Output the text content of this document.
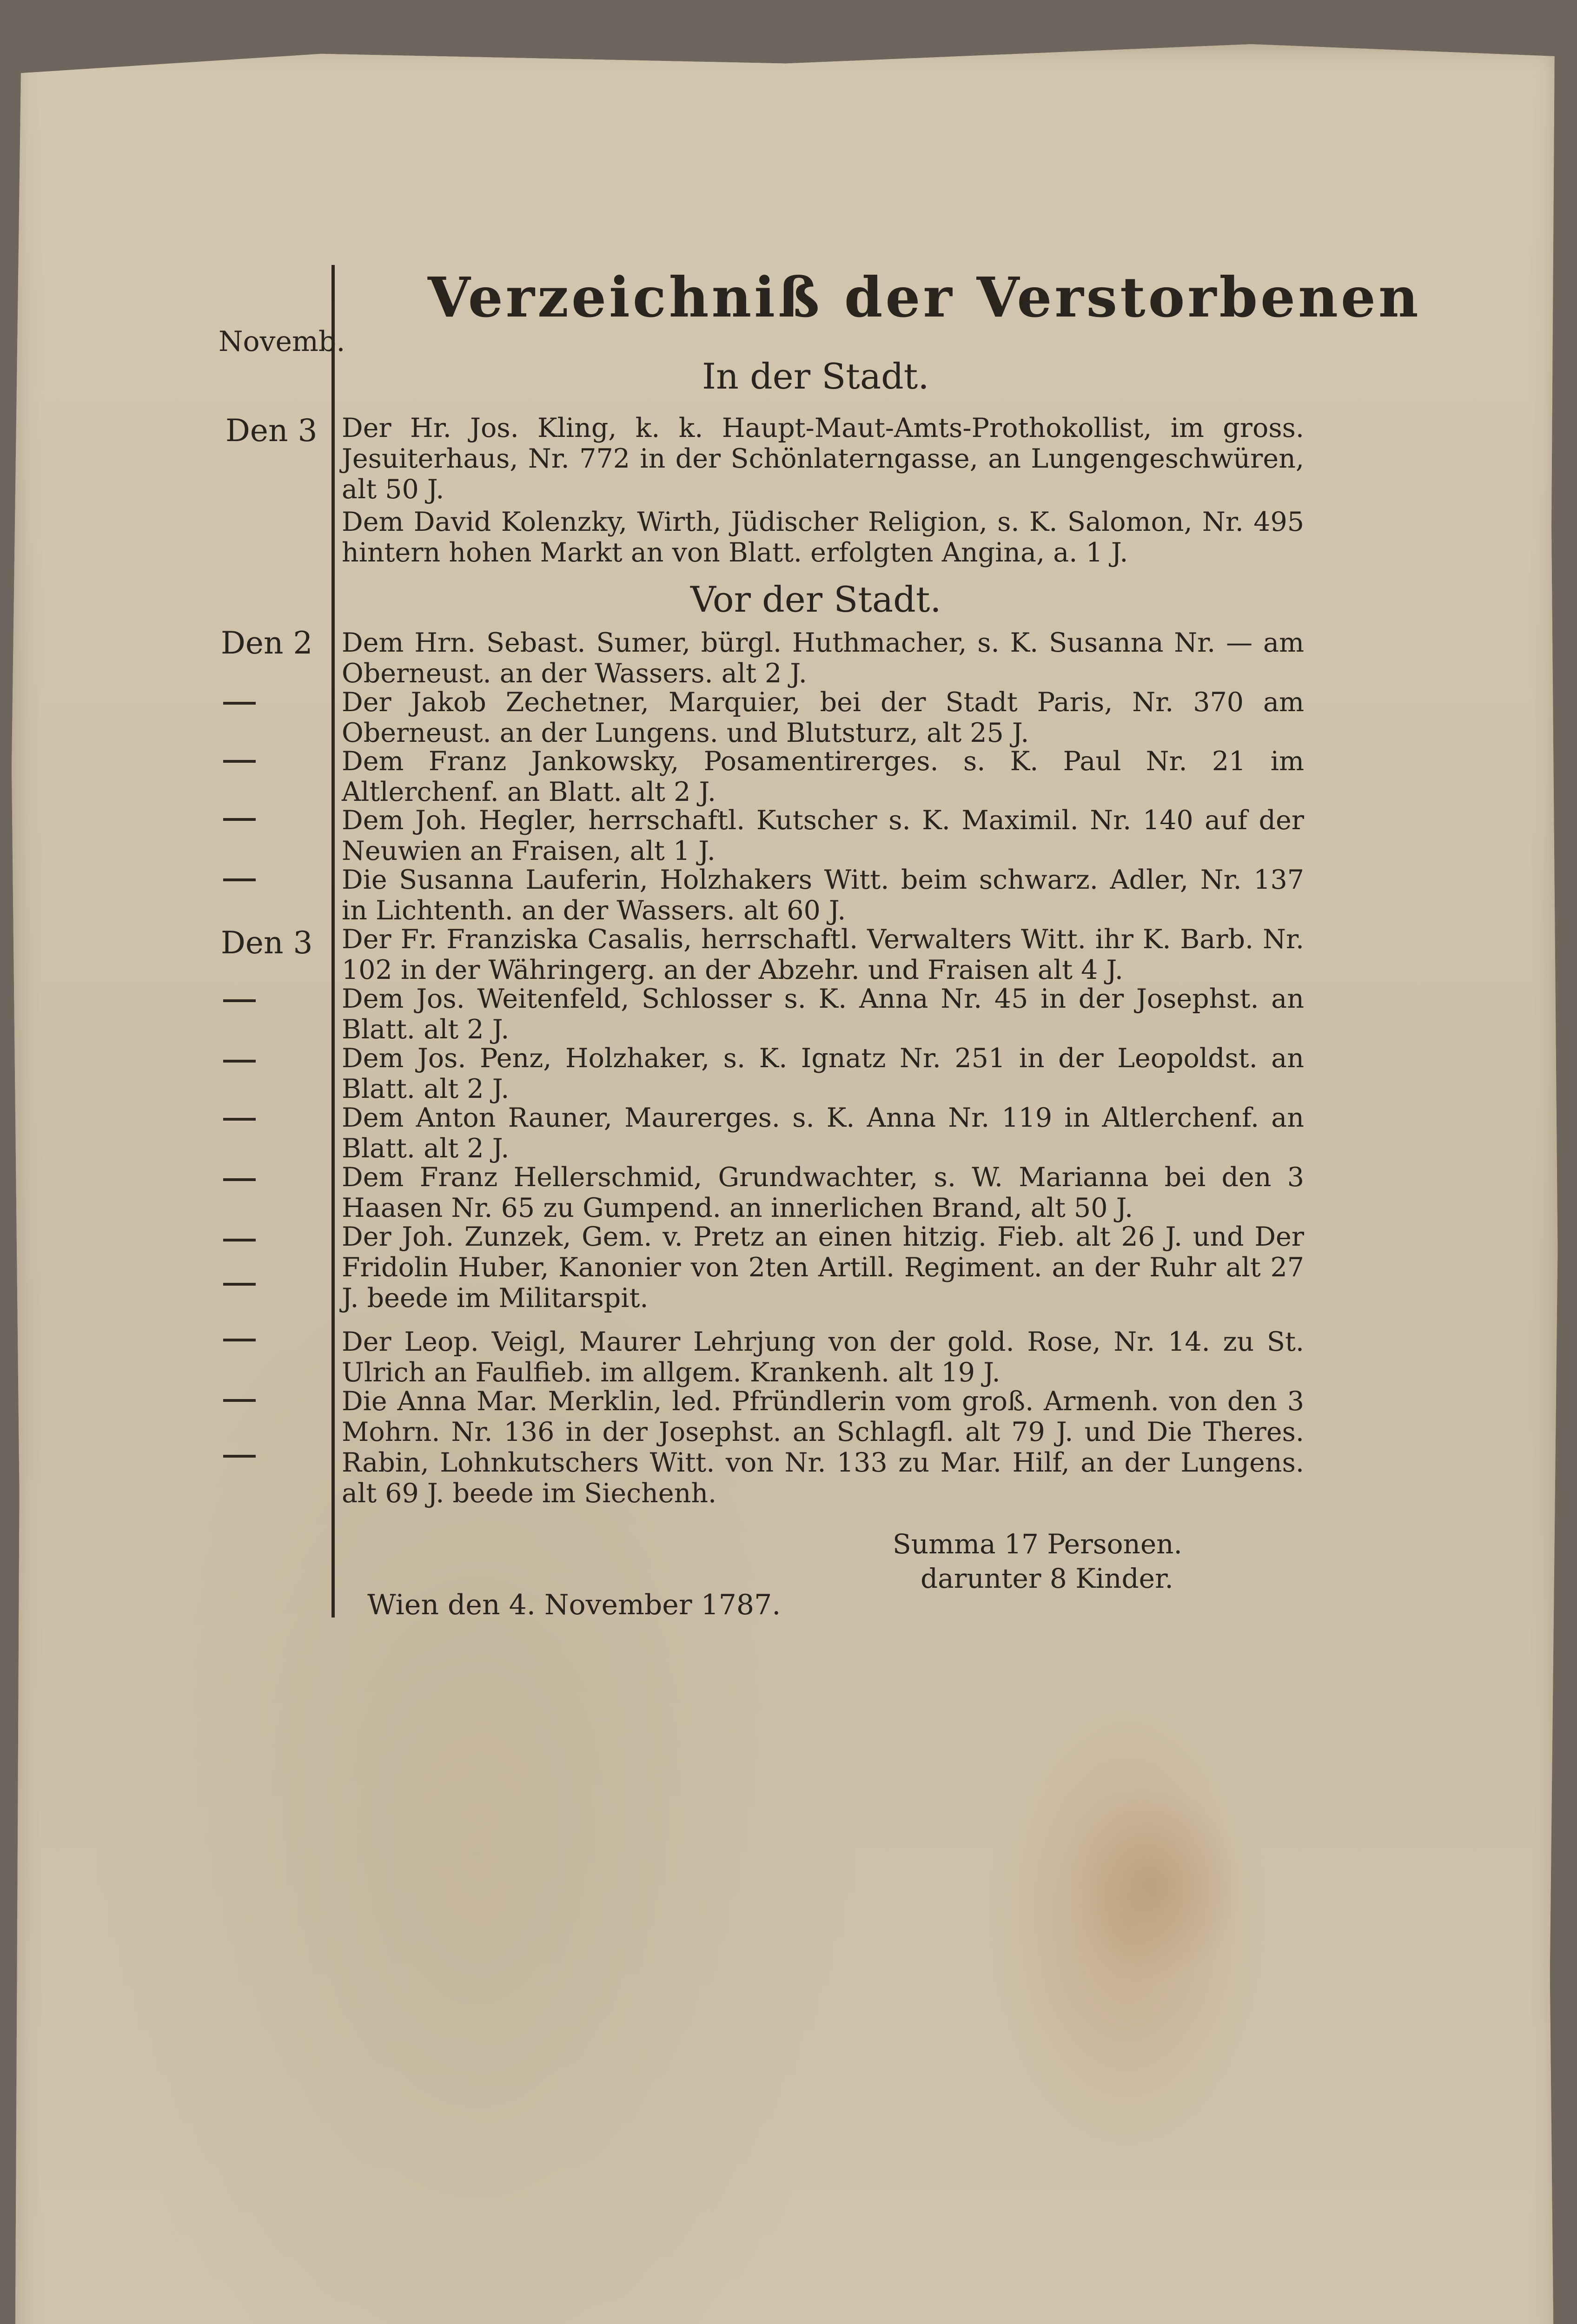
Verzeichniß der Verstorbenen
Novemb.
In der Stadt.
Den 3 Der Hr. Jos. Kling, k. k. Haupt-Maut-Amts-Prothokollist, im gross. Jesuiterhaus, Nr. 772 in der Schönlaterngasse, an Lungengeschwüren, alt 50 J.
Dem David Kolenzky, Wirth, Jüdischer Religion, s. K. Salomon, Nr. 495 hintern hohen Markt an von Blatt. erfolgten Angina, a. 1 J.
Vor der Stadt.
Den 2 Dem Hrn. Sebast. Sumer, bürgl. Huthmacher, s. K. Susanna Nr. — am Oberneust. an der Wassers. alt 2 J.
Der Jakob Zechetner, Marquier, bei der Stadt Paris, Nr. 370 am Oberneust. an der Lungens. und Blutsturz, alt 25 J.
Dem Franz Jankowsky, Posamentirerges. s. K. Paul Nr. 21 im Altlerchenf. an Blatt. alt 2 J.
Dem Joh. Hegler, herrschaftl. Kutscher s. K. Maximil. Nr. 140 auf der Neuwien an Fraisen, alt 1 J.
Die Susanna Lauferin, Holzhakers Witt. beim schwarz. Adler, Nr. 137 in Lichtenth. an der Wassers. alt 60 J.
Den 3 Der Fr. Franziska Casalis, herrschaftl. Verwalters Witt. ihr K. Barb. Nr. 102 in der Währingerg. an der Abzehr. und Fraisen alt 4 J.
Dem Jos. Weitenfeld, Schlosser s. K. Anna Nr. 45 in der Josephst. an Blatt. alt 2 J.
Dem Jos. Penz, Holzhaker, s. K. Ignatz Nr. 251 in der Leopoldst. an Blatt. alt 2 J.
Dem Anton Rauner, Maurerges. s. K. Anna Nr. 119 in Altlerchenf. an Blatt. alt 2 J.
Dem Franz Hellerschmid, Grundwachter, s. W. Marianna bei den 3 Haasen Nr. 65 zu Gumpend. an innerlichen Brand, alt 50 J.
Der Joh. Zunzek, Gem. v. Pretz an einen hitzig. Fieb. alt 26 J. und Der Fridolin Huber, Kanonier von 2ten Artill. Regiment. an der Ruhr alt 27 J. beede im Militarspit.
Der Leop. Veigl, Maurer Lehrjung von der gold. Rose, Nr. 14. zu St. Ulrich an Faulfieb. im allgem. Krankenh. alt 19 J.
Die Anna Mar. Merklin, led. Pfründlerin vom groß. Armenh. von den 3 Mohrn. Nr. 136 in der Josephst. an Schlagfl. alt 79 J. und Die Theres. Rabin, Lohnkutschers Witt. von Nr. 133 zu Mar. Hilf, an der Lungens. alt 69 J. beede im Siechenh.
Summa 17 Personen.
darunter 8 Kinder.
Wien den 4. November 1787.
